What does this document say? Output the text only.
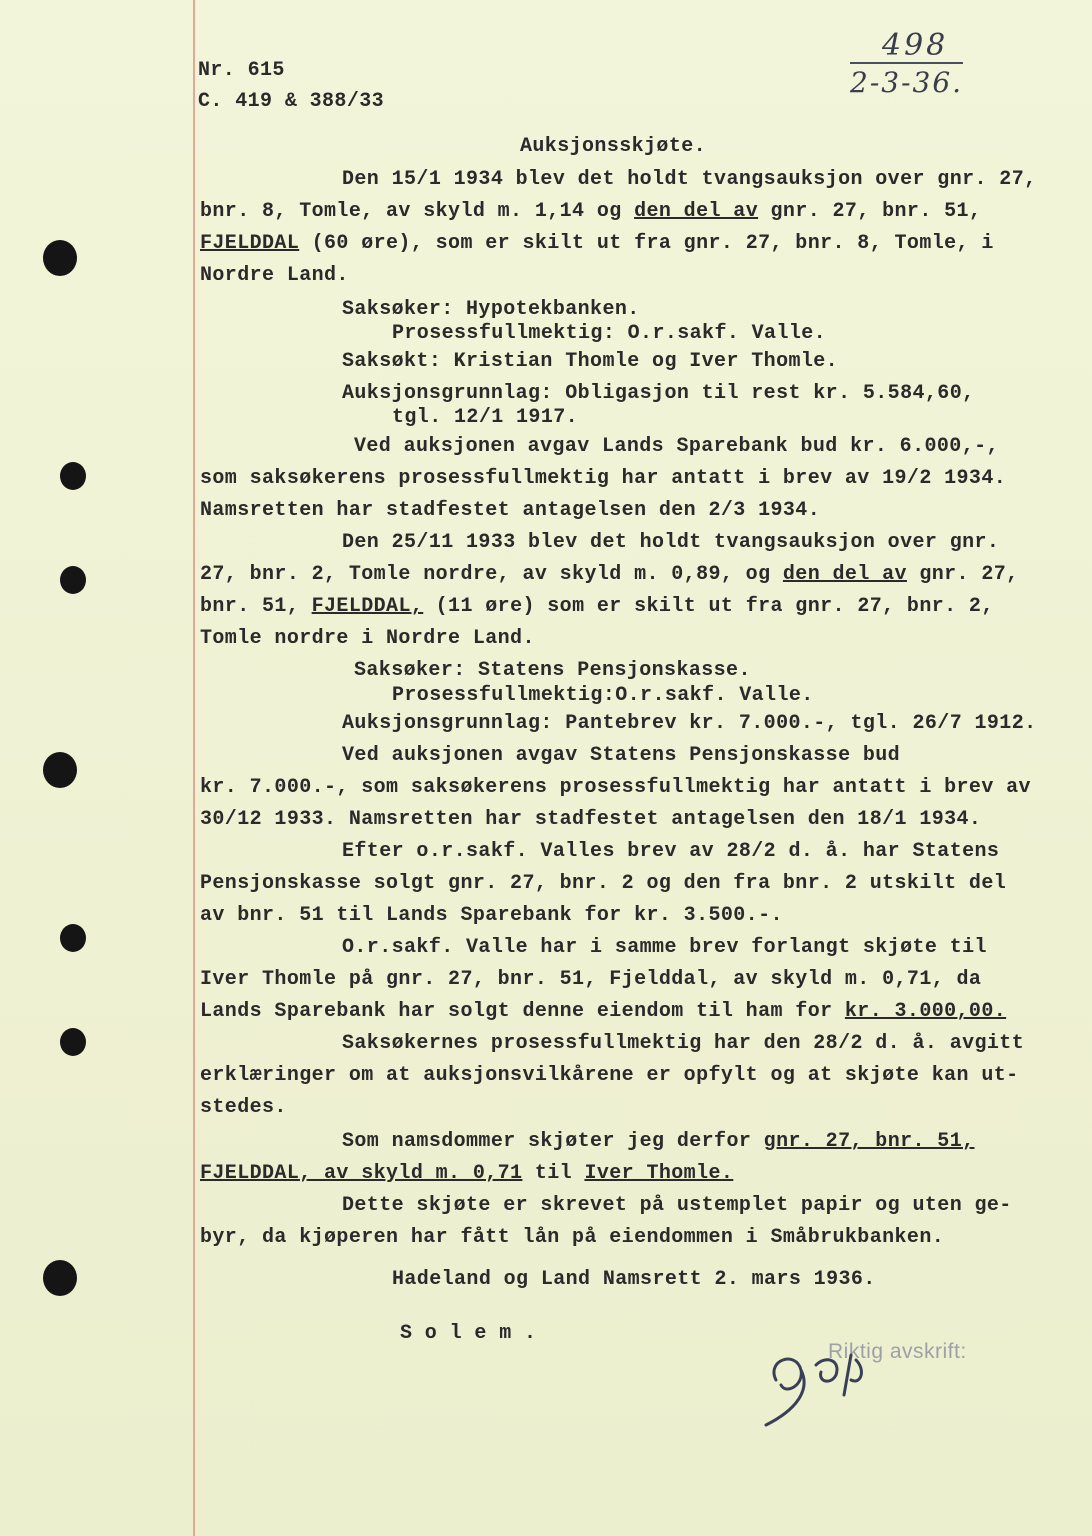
498
2-3-36.
Nr. 615
C. 419 & 388/33
Auksjonsskjøte.
Den 15/1 1934 blev det holdt tvangsauksjon over gnr. 27,
bnr. 8, Tomle, av skyld m. 1,14 og den del av gnr. 27, bnr. 51,
FJELDDAL (60 øre), som er skilt ut fra gnr. 27, bnr. 8, Tomle, i
Nordre Land.
Saksøker: Hypotekbanken.
Prosessfullmektig: O.r.sakf. Valle.
Saksøkt: Kristian Thomle og Iver Thomle.
Auksjonsgrunnlag: Obligasjon til rest kr. 5.584,60,
tgl. 12/1 1917.
Ved auksjonen avgav Lands Sparebank bud kr. 6.000,-,
som saksøkerens prosessfullmektig har antatt i brev av 19/2 1934.
Namsretten har stadfestet antagelsen den 2/3 1934.
Den 25/11 1933 blev det holdt tvangsauksjon over gnr.
27, bnr. 2, Tomle nordre, av skyld m. 0,89, og den del av gnr. 27,
bnr. 51, FJELDDAL, (11 øre) som er skilt ut fra gnr. 27, bnr. 2,
Tomle nordre i Nordre Land.
Saksøker: Statens Pensjonskasse.
Prosessfullmektig:O.r.sakf. Valle.
Auksjonsgrunnlag: Pantebrev kr. 7.000.-, tgl. 26/7 1912.
Ved auksjonen avgav Statens Pensjonskasse bud
kr. 7.000.-, som saksøkerens prosessfullmektig har antatt i brev av
30/12 1933. Namsretten har stadfestet antagelsen den 18/1 1934.
Efter o.r.sakf. Valles brev av 28/2 d. å. har Statens
Pensjonskasse solgt gnr. 27, bnr. 2 og den fra bnr. 2 utskilt del
av bnr. 51 til Lands Sparebank for kr. 3.500.-.
O.r.sakf. Valle har i samme brev forlangt skjøte til
Iver Thomle på gnr. 27, bnr. 51, Fjelddal, av skyld m. 0,71, da
Lands Sparebank har solgt denne eiendom til ham for kr. 3.000,00.
Saksøkernes prosessfullmektig har den 28/2 d. å. avgitt
erklæringer om at auksjonsvilkårene er opfylt og at skjøte kan ut-
stedes.
Som namsdommer skjøter jeg derfor gnr. 27, bnr. 51,
FJELDDAL, av skyld m. 0,71 til Iver Thomle.
Dette skjøte er skrevet på ustemplet papir og uten ge-
byr, da kjøperen har fått lån på eiendommen i Småbrukbanken.
Hadeland og Land Namsrett 2. mars 1936.
S o l e m .
Riktig avskrift:
